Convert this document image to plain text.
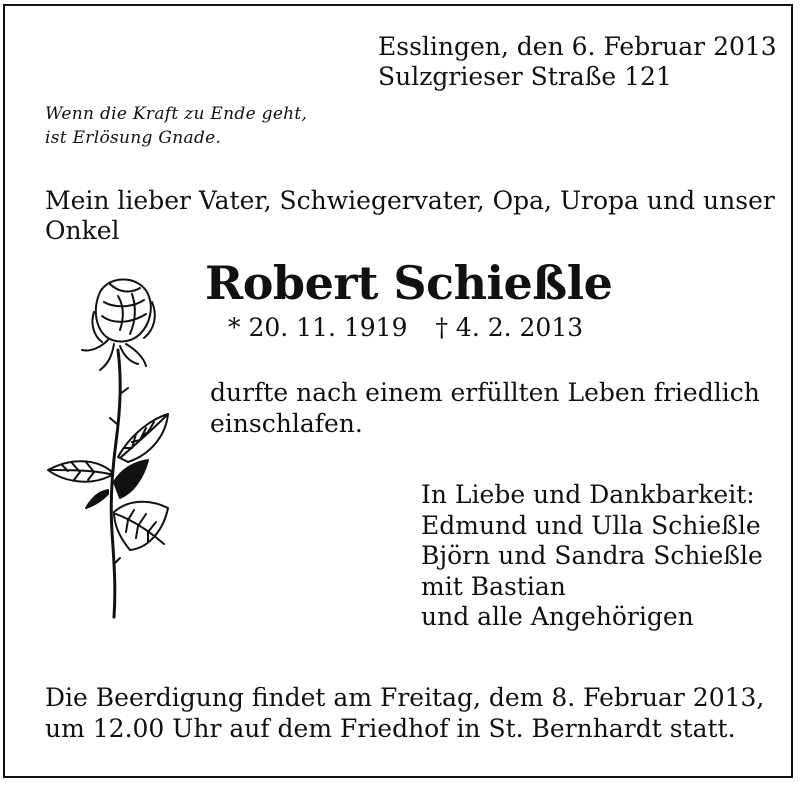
Esslingen, den 6. Februar 2013
Sulzgrieser Straße 121
Wenn die Kraft zu Ende geht,
ist Erlösung Gnade.
Mein lieber Vater, Schwiegervater, Opa, Uropa und unser
Onkel
Robert Schießle
* 20. 11. 1919 † 4. 2. 2013
durfte nach einem erfüllten Leben friedlich
einschlafen.
In Liebe und Dankbarkeit:
Edmund und Ulla Schießle
Björn und Sandra Schießle
mit Bastian
und alle Angehörigen
Die Beerdigung findet am Freitag, dem 8. Februar 2013,
um 12.00 Uhr auf dem Friedhof in St. Bernhardt statt.
